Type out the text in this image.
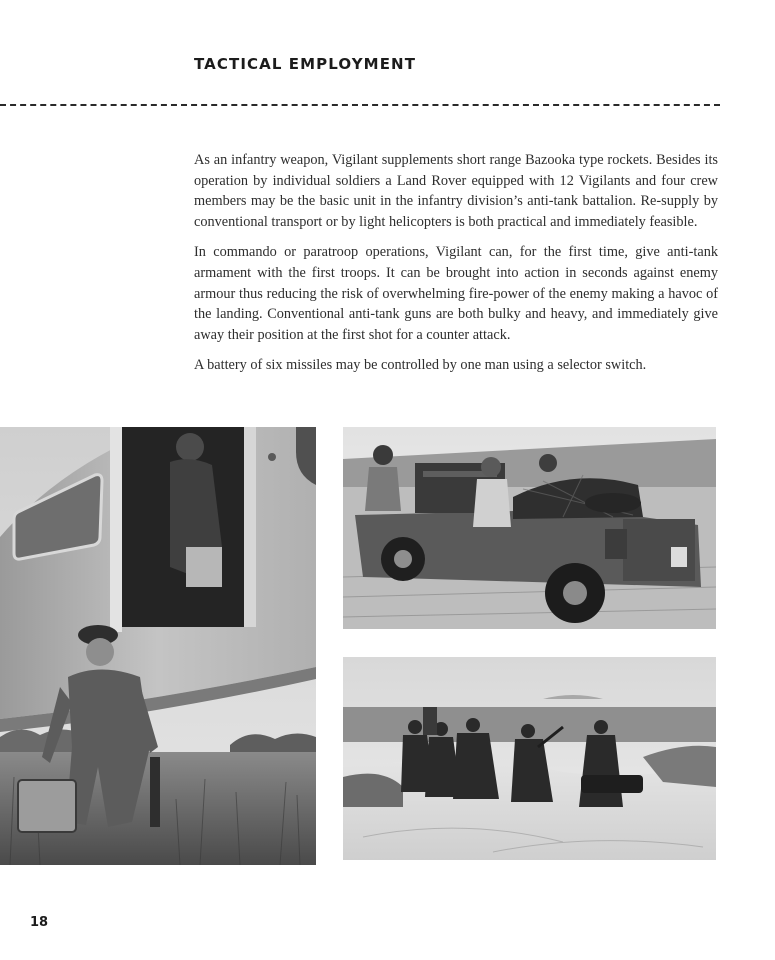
TACTICAL EMPLOYMENT

As an infantry weapon, Vigilant supplements short range Bazooka type rockets. Besides its operation by individual soldiers a Land Rover equipped with 12 Vigilants and four crew members may be the basic unit in the infantry division’s anti-tank battalion. Re-supply by conventional transport or by light helicopters is both practical and immediately feasible.

In commando or paratroop operations, Vigilant can, for the first time, give anti-tank armament with the first troops. It can be brought into action in seconds against enemy armour thus reducing the risk of overwhelming fire-power of the enemy making a havoc of the landing. Conventional anti-tank guns are both bulky and heavy, and immediately give away their position at the first shot for a counter attack.

A battery of six missiles may be controlled by one man using a selector switch.

18
